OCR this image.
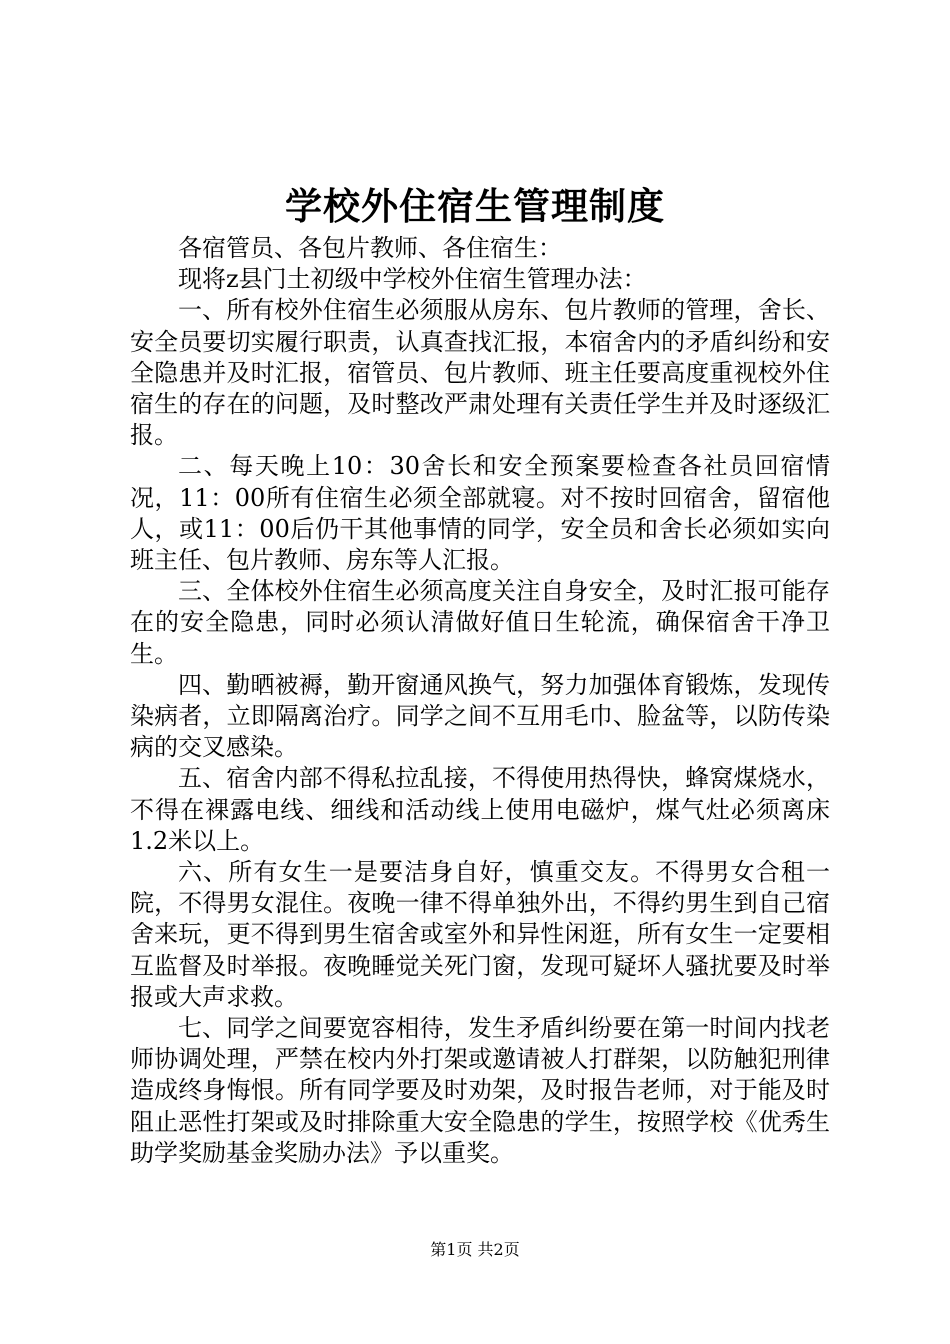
学校外住宿生管理制度

各宿管员、各包片教师、各住宿生：

现将z县门土初级中学校外住宿生管理办法：

一、所有校外住宿生必须服从房东、包片教师的管理，舍长、安全员要切实履行职责，认真查找汇报，本宿舍内的矛盾纠纷和安全隐患并及时汇报，宿管员、包片教师、班主任要高度重视校外住宿生的存在的问题，及时整改严肃处理有关责任学生并及时逐级汇报。

二、每天晚上10：30舍长和安全预案要检查各社员回宿情况，11：00所有住宿生必须全部就寝。对不按时回宿舍，留宿他人，或11：00后仍干其他事情的同学，安全员和舍长必须如实向班主任、包片教师、房东等人汇报。

三、全体校外住宿生必须高度关注自身安全，及时汇报可能存在的安全隐患，同时必须认清做好值日生轮流，确保宿舍干净卫生。

四、勤晒被褥，勤开窗通风换气，努力加强体育锻炼，发现传染病者，立即隔离治疗。同学之间不互用毛巾、脸盆等，以防传染病的交叉感染。

五、宿舍内部不得私拉乱接，不得使用热得快，蜂窝煤烧水，不得在裸露电线、细线和活动线上使用电磁炉，煤气灶必须离床1.2米以上。

六、所有女生一是要洁身自好，慎重交友。不得男女合租一院，不得男女混住。夜晚一律不得单独外出，不得约男生到自己宿舍来玩，更不得到男生宿舍或室外和异性闲逛，所有女生一定要相互监督及时举报。夜晚睡觉关死门窗，发现可疑坏人骚扰要及时举报或大声求救。

七、同学之间要宽容相待，发生矛盾纠纷要在第一时间内找老师协调处理，严禁在校内外打架或邀请被人打群架，以防触犯刑律造成终身悔恨。所有同学要及时劝架，及时报告老师，对于能及时阻止恶性打架或及时排除重大安全隐患的学生，按照学校《优秀生助学奖励基金奖励办法》予以重奖。

第1页 共2页
